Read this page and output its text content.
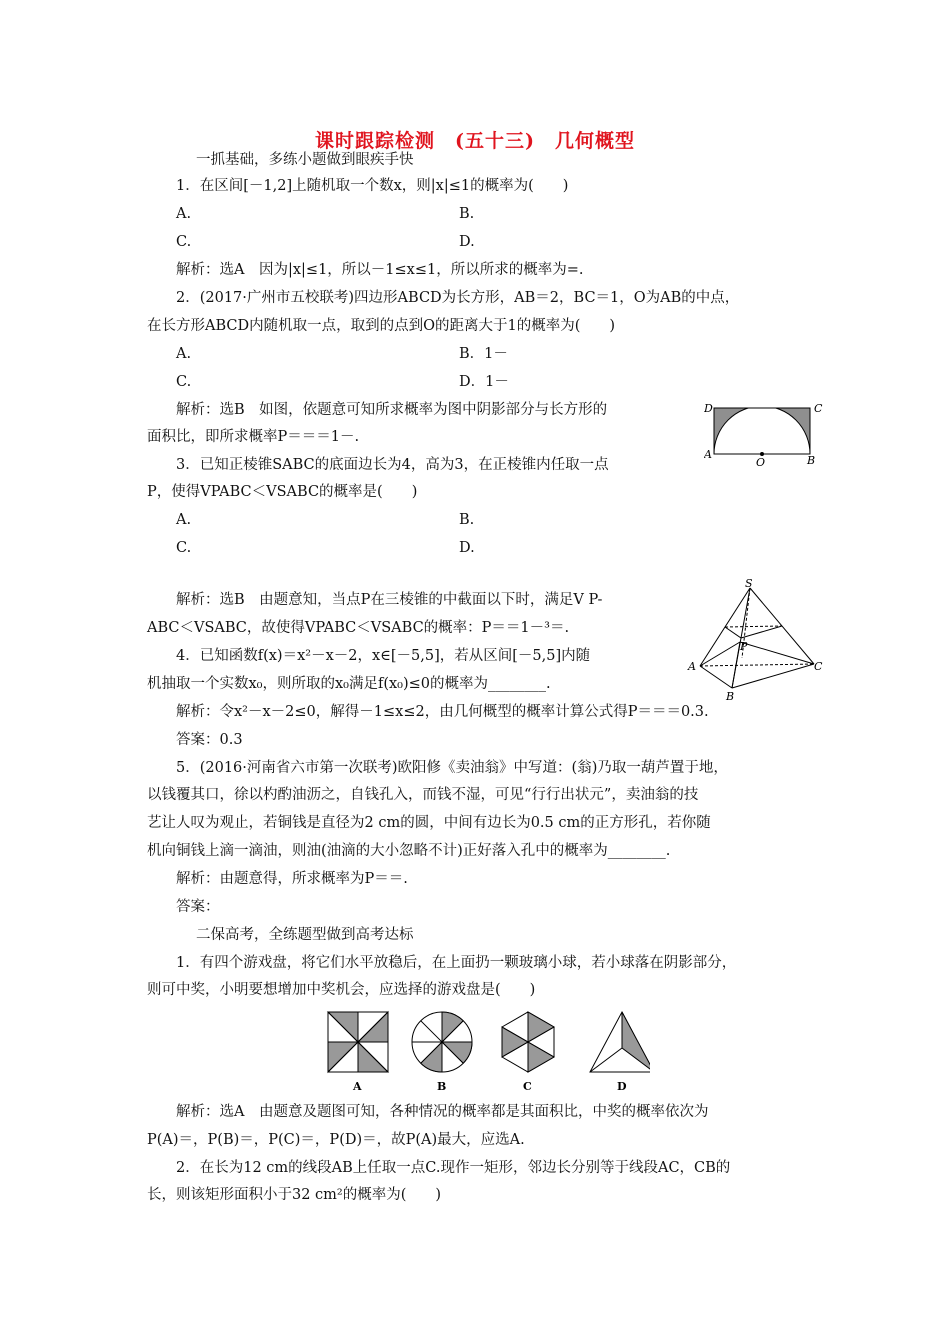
课时跟踪检测　(五十三)　几何概型
一抓基础，多练小题做到眼疾手快
1．在区间[－1,2]上随机取一个数x，则|x|≤1的概率为(　　)
A.	B.
C.	D.
解析：选A　因为|x|≤1，所以－1≤x≤1，所以所求的概率为=.
2．(2017·广州市五校联考)四边形ABCD为长方形，AB＝2，BC＝1，O为AB的中点，
在长方形ABCD内随机取一点，取到的点到O的距离大于1的概率为(　　)
A.	B．1－
C.	D．1－
解析：选B　如图，依题意可知所求概率为图中阴影部分与长方形的
面积比，即所求概率P＝＝＝1－.
D	C
A	B
O
3．已知正棱锥SABC的底面边长为4，高为3，在正棱锥内任取一点
P，使得VPABC＜VSABC的概率是(　　)
A.	B.
C.	D.
解析：选B　由题意知，当点P在三棱锥的中截面以下时，满足V P-
ABC＜VSABC，故使得VPABC＜VSABC的概率：P＝＝1－³＝.
S
P
A
B
C
4．已知函数f(x)＝x²－x－2，x∈[－5,5]，若从区间[－5,5]内随
机抽取一个实数x₀，则所取的x₀满足f(x₀)≤0的概率为________.
解析：令x²－x－2≤0，解得－1≤x≤2，由几何概型的概率计算公式得P＝＝＝0.3.
答案：0.3
5．(2016·河南省六市第一次联考)欧阳修《卖油翁》中写道：(翁)乃取一葫芦置于地，
以钱覆其口，徐以杓酌油沥之，自钱孔入，而钱不湿，可见“行行出状元”，卖油翁的技
艺让人叹为观止，若铜钱是直径为2 cm的圆，中间有边长为0.5 cm的正方形孔，若你随
机向铜钱上滴一滴油，则油(油滴的大小忽略不计)正好落入孔中的概率为________.
解析：由题意得，所求概率为P＝＝.
答案：
二保高考，全练题型做到高考达标
1．有四个游戏盘，将它们水平放稳后，在上面扔一颗玻璃小球，若小球落在阴影部分，
则可中奖，小明要想增加中奖机会，应选择的游戏盘是(　　)
A	B	C	D
解析：选A　由题意及题图可知，各种情况的概率都是其面积比，中奖的概率依次为
P(A)＝，P(B)＝，P(C)＝，P(D)＝，故P(A)最大，应选A.
2．在长为12 cm的线段AB上任取一点C.现作一矩形，邻边长分别等于线段AC，CB的
长，则该矩形面积小于32 cm²的概率为(　　)
